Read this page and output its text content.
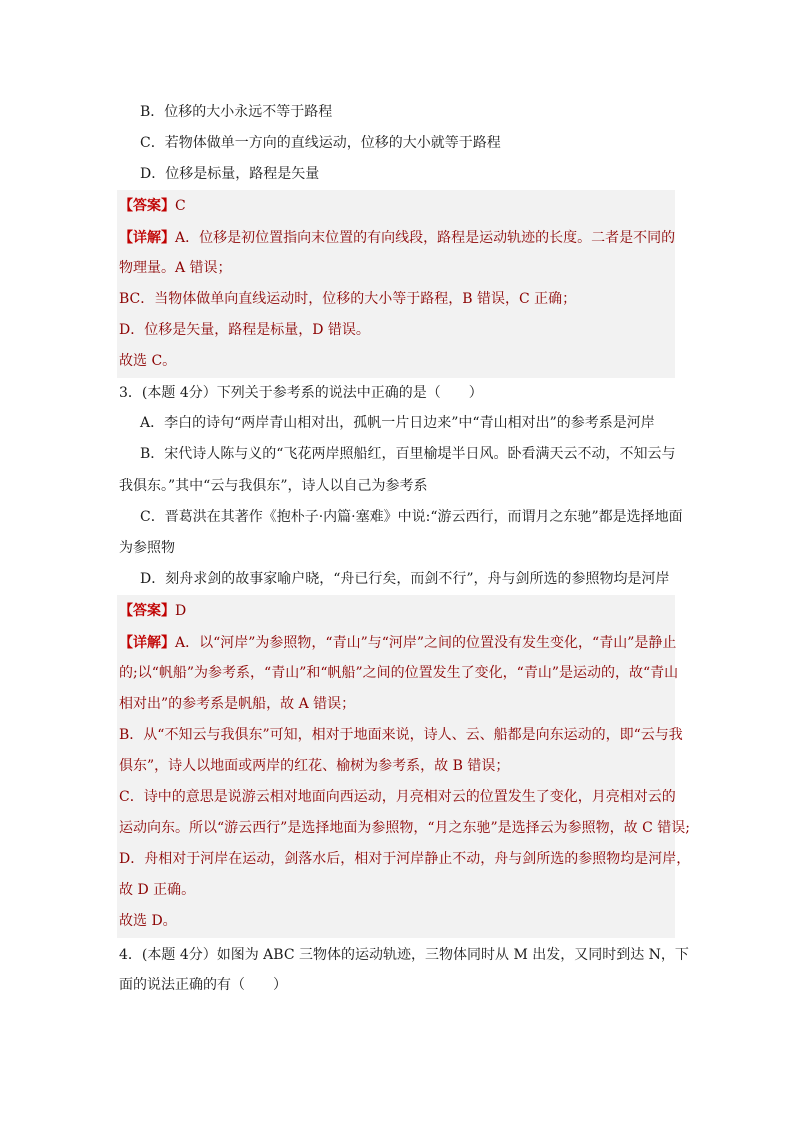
B．位移的大小永远不等于路程
C．若物体做单一方向的直线运动，位移的大小就等于路程
D．位移是标量，路程是矢量
【答案】C
【详解】A．位移是初位置指向末位置的有向线段，路程是运动轨迹的长度。二者是不同的
物理量。A 错误；
BC．当物体做单向直线运动时，位移的大小等于路程，B 错误，C 正确；
D．位移是矢量，路程是标量，D 错误。
故选 C。
3．(本题 4分）下列关于参考系的说法中正确的是（　　）
A．李白的诗句“两岸青山相对出，孤帆一片日边来”中“青山相对出”的参考系是河岸
B．宋代诗人陈与义的“飞花两岸照船红，百里榆堤半日风。卧看满天云不动，不知云与
我俱东。”其中“云与我俱东”，诗人以自己为参考系
C．晋葛洪在其著作《抱朴子·内篇·塞难》中说:“游云西行，而谓月之东驰”都是选择地面
为参照物
D．刻舟求剑的故事家喻户晓，“舟已行矣，而剑不行”，舟与剑所选的参照物均是河岸
【答案】D
【详解】A．以“河岸”为参照物，“青山”与“河岸”之间的位置没有发生变化，“青山”是静止
的;以“帆船”为参考系，“青山”和“帆船”之间的位置发生了变化，“青山”是运动的，故“青山
相对出”的参考系是帆船，故 A 错误；
B．从“不知云与我俱东”可知，相对于地面来说，诗人、云、船都是向东运动的，即“云与我
俱东”，诗人以地面或两岸的红花、榆树为参考系，故 B 错误；
C．诗中的意思是说游云相对地面向西运动，月亮相对云的位置发生了变化，月亮相对云的
运动向东。所以“游云西行”是选择地面为参照物，“月之东驰”是选择云为参照物，故 C 错误;
D．舟相对于河岸在运动，剑落水后，相对于河岸静止不动，舟与剑所选的参照物均是河岸，
故 D 正确。
故选 D。
4．(本题 4分）如图为 ABC 三物体的运动轨迹，三物体同时从 M 出发，又同时到达 N，下
面的说法正确的有（　　）
